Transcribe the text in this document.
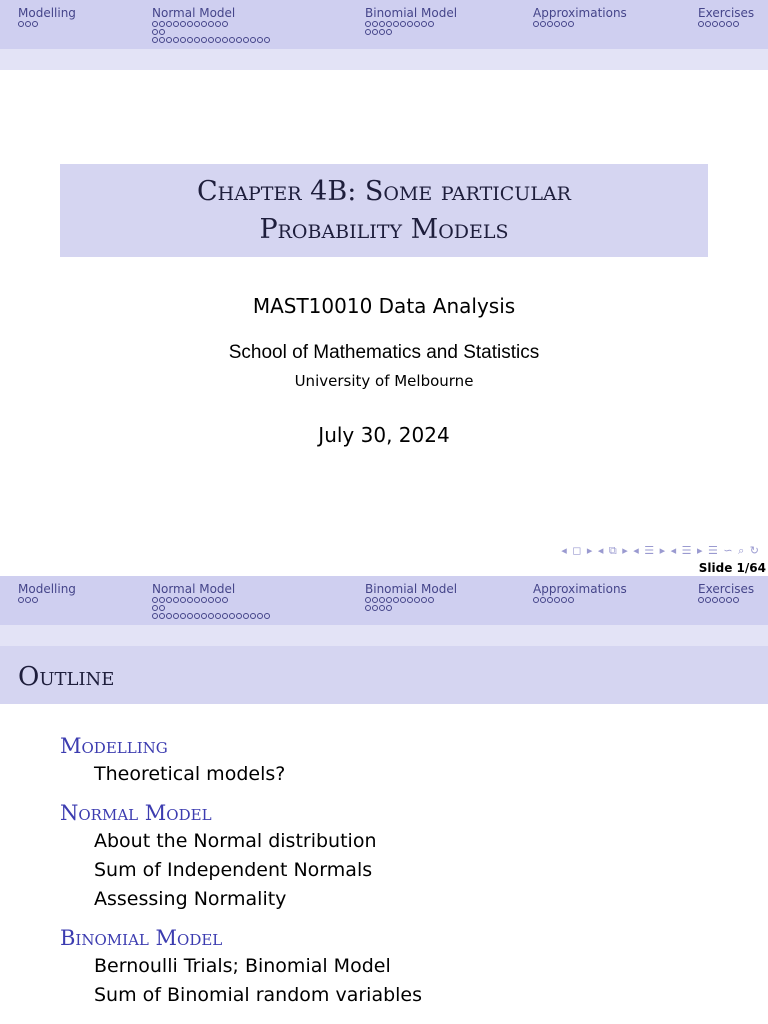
Modelling	Normal Model	Binomial Model	Approximations	Exercises
Chapter 4B: Some particular Probability Models
MAST10010 Data Analysis
School of Mathematics and Statistics
University of Melbourne
July 30, 2024
◂ ◻ ▸ ◂ ⧉ ▸ ◂ ☰ ▸ ◂ ☰ ▸ ☰ ∽ ⌕ ↻
Slide 1/64
Modelling	Normal Model	Binomial Model	Approximations	Exercises
Outline
Modelling
Theoretical models?
Normal Model
About the Normal distribution
Sum of Independent Normals
Assessing Normality
Binomial Model
Bernoulli Trials; Binomial Model
Sum of Binomial random variables
